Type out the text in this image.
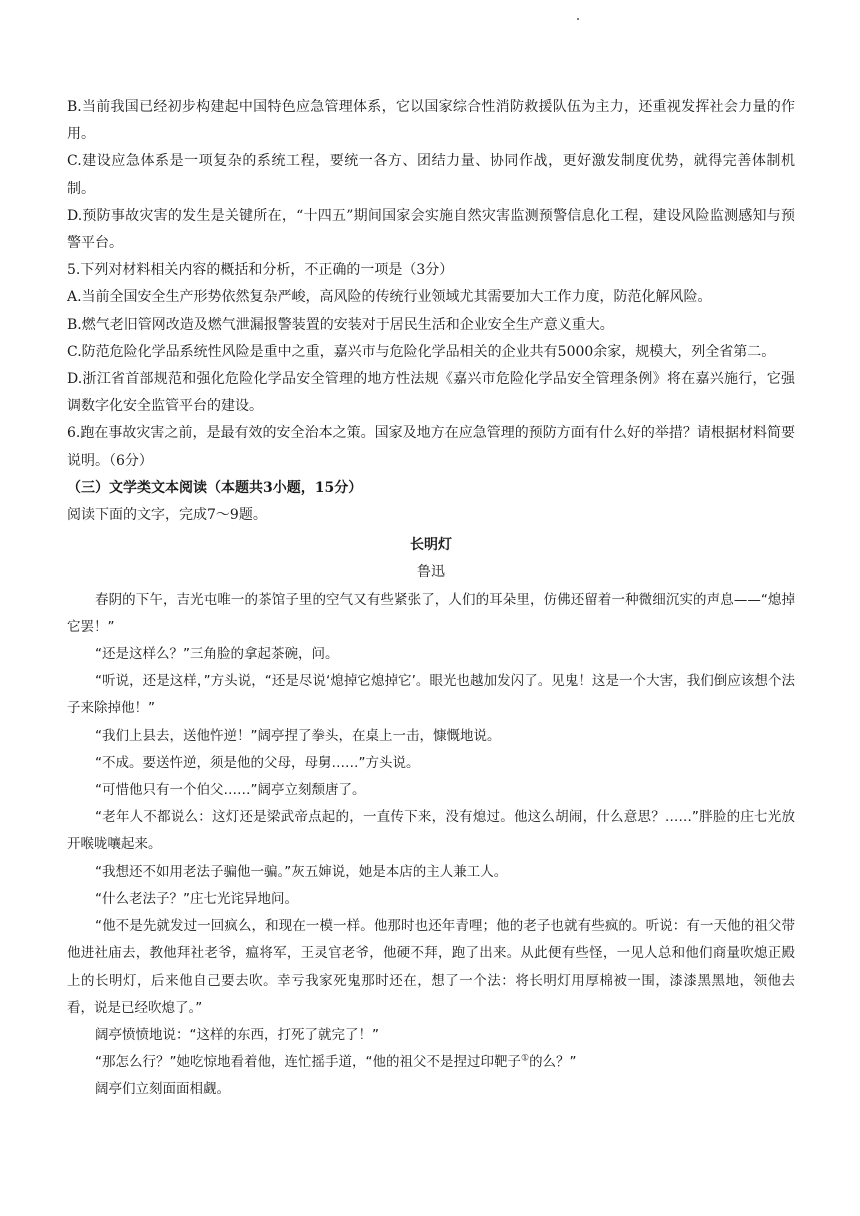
B.当前我国已经初步构建起中国特色应急管理体系，它以国家综合性消防救援队伍为主力，还重视发挥社会力量的作用。

C.建设应急体系是一项复杂的系统工程，要统一各方、团结力量、协同作战，更好激发制度优势，就得完善体制机制。

D.预防事故灾害的发生是关键所在，“十四五”期间国家会实施自然灾害监测预警信息化工程，建设风险监测感知与预警平台。

5.下列对材料相关内容的概括和分析，不正确的一项是（3分）

A.当前全国安全生产形势依然复杂严峻，高风险的传统行业领域尤其需要加大工作力度，防范化解风险。

B.燃气老旧管网改造及燃气泄漏报警装置的安装对于居民生活和企业安全生产意义重大。

C.防范危险化学品系统性风险是重中之重，嘉兴市与危险化学品相关的企业共有5000余家，规模大，列全省第二。

D.浙江省首部规范和强化危险化学品安全管理的地方性法规《嘉兴市危险化学品安全管理条例》将在嘉兴施行，它强调数字化安全监管平台的建设。

6.跑在事故灾害之前，是最有效的安全治本之策。国家及地方在应急管理的预防方面有什么好的举措？请根据材料简要说明。（6分）

（三）文学类文本阅读（本题共3小题，15分）

阅读下面的文字，完成7～9题。

长明灯

鲁迅

春阴的下午，吉光屯唯一的茶馆子里的空气又有些紧张了，人们的耳朵里，仿佛还留着一种微细沉实的声息——“熄掉它罢！”

“还是这样么？”三角脸的拿起茶碗，问。

“听说，还是这样，”方头说，“还是尽说‘熄掉它熄掉它’。眼光也越加发闪了。见鬼！这是一个大害，我们倒应该想个法子来除掉他！”

“我们上县去，送他忤逆！”阔亭捏了拳头，在桌上一击，慷慨地说。

“不成。要送忤逆，须是他的父母，母舅……”方头说。

“可惜他只有一个伯父……”阔亭立刻颓唐了。

“老年人不都说么：这灯还是梁武帝点起的，一直传下来，没有熄过。他这么胡闹，什么意思？……”胖脸的庄七光放开喉咙嚷起来。

“我想还不如用老法子骗他一骗。”灰五婶说，她是本店的主人兼工人。

“什么老法子？”庄七光诧异地问。

“他不是先就发过一回疯么，和现在一模一样。他那时也还年青哩；他的老子也就有些疯的。听说：有一天他的祖父带他进社庙去，教他拜社老爷，瘟将军，王灵官老爷，他硬不拜，跑了出来。从此便有些怪，一见人总和他们商量吹熄正殿上的长明灯，后来他自己要去吹。幸亏我家死鬼那时还在，想了一个法：将长明灯用厚棉被一围，漆漆黑黑地，领他去看，说是已经吹熄了。”

阔亭愤愤地说：“这样的东西，打死了就完了！”

“那怎么行？”她吃惊地看着他，连忙摇手道，“他的祖父不是捏过印靶子①的么？”

阔亭们立刻面面相觑。
